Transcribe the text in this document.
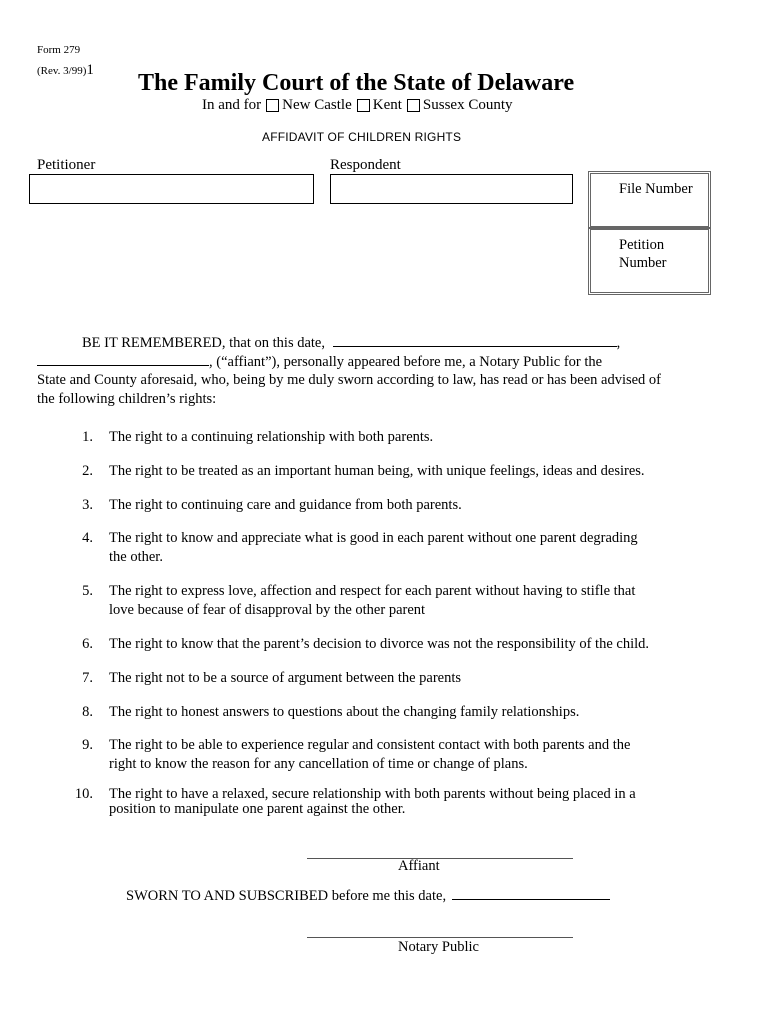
Form 279
(Rev. 3/99)1 The Family Court of the State of Delaware
In and for New Castle Kent Sussex County
AFFIDAVIT OF CHILDREN RIGHTS
Petitioner	Respondent
File Number
Petition
Number
BE IT REMEMBERED, that on this date,	,
, (“affiant”), personally appeared before me, a Notary Public for the
State and County aforesaid, who, being by me duly sworn according to law, has read or has been advised of
the following children’s rights:
1. The right to a continuing relationship with both parents.
2. The right to be treated as an important human being, with unique feelings, ideas and desires.
3. The right to continuing care and guidance from both parents.
4. The right to know and appreciate what is good in each parent without one parent degrading
the other.
5. The right to express love, affection and respect for each parent without having to stifle that
love because of fear of disapproval by the other parent
6. The right to know that the parent’s decision to divorce was not the responsibility of the child.
7. The right not to be a source of argument between the parents
8. The right to honest answers to questions about the changing family relationships.
9. The right to be able to experience regular and consistent contact with both parents and the
right to know the reason for any cancellation of time or change of plans.
10. The right to have a relaxed, secure relationship with both parents without being placed in a
position to manipulate one parent against the other.
Affiant
SWORN TO AND SUBSCRIBED before me this date,
Notary Public
